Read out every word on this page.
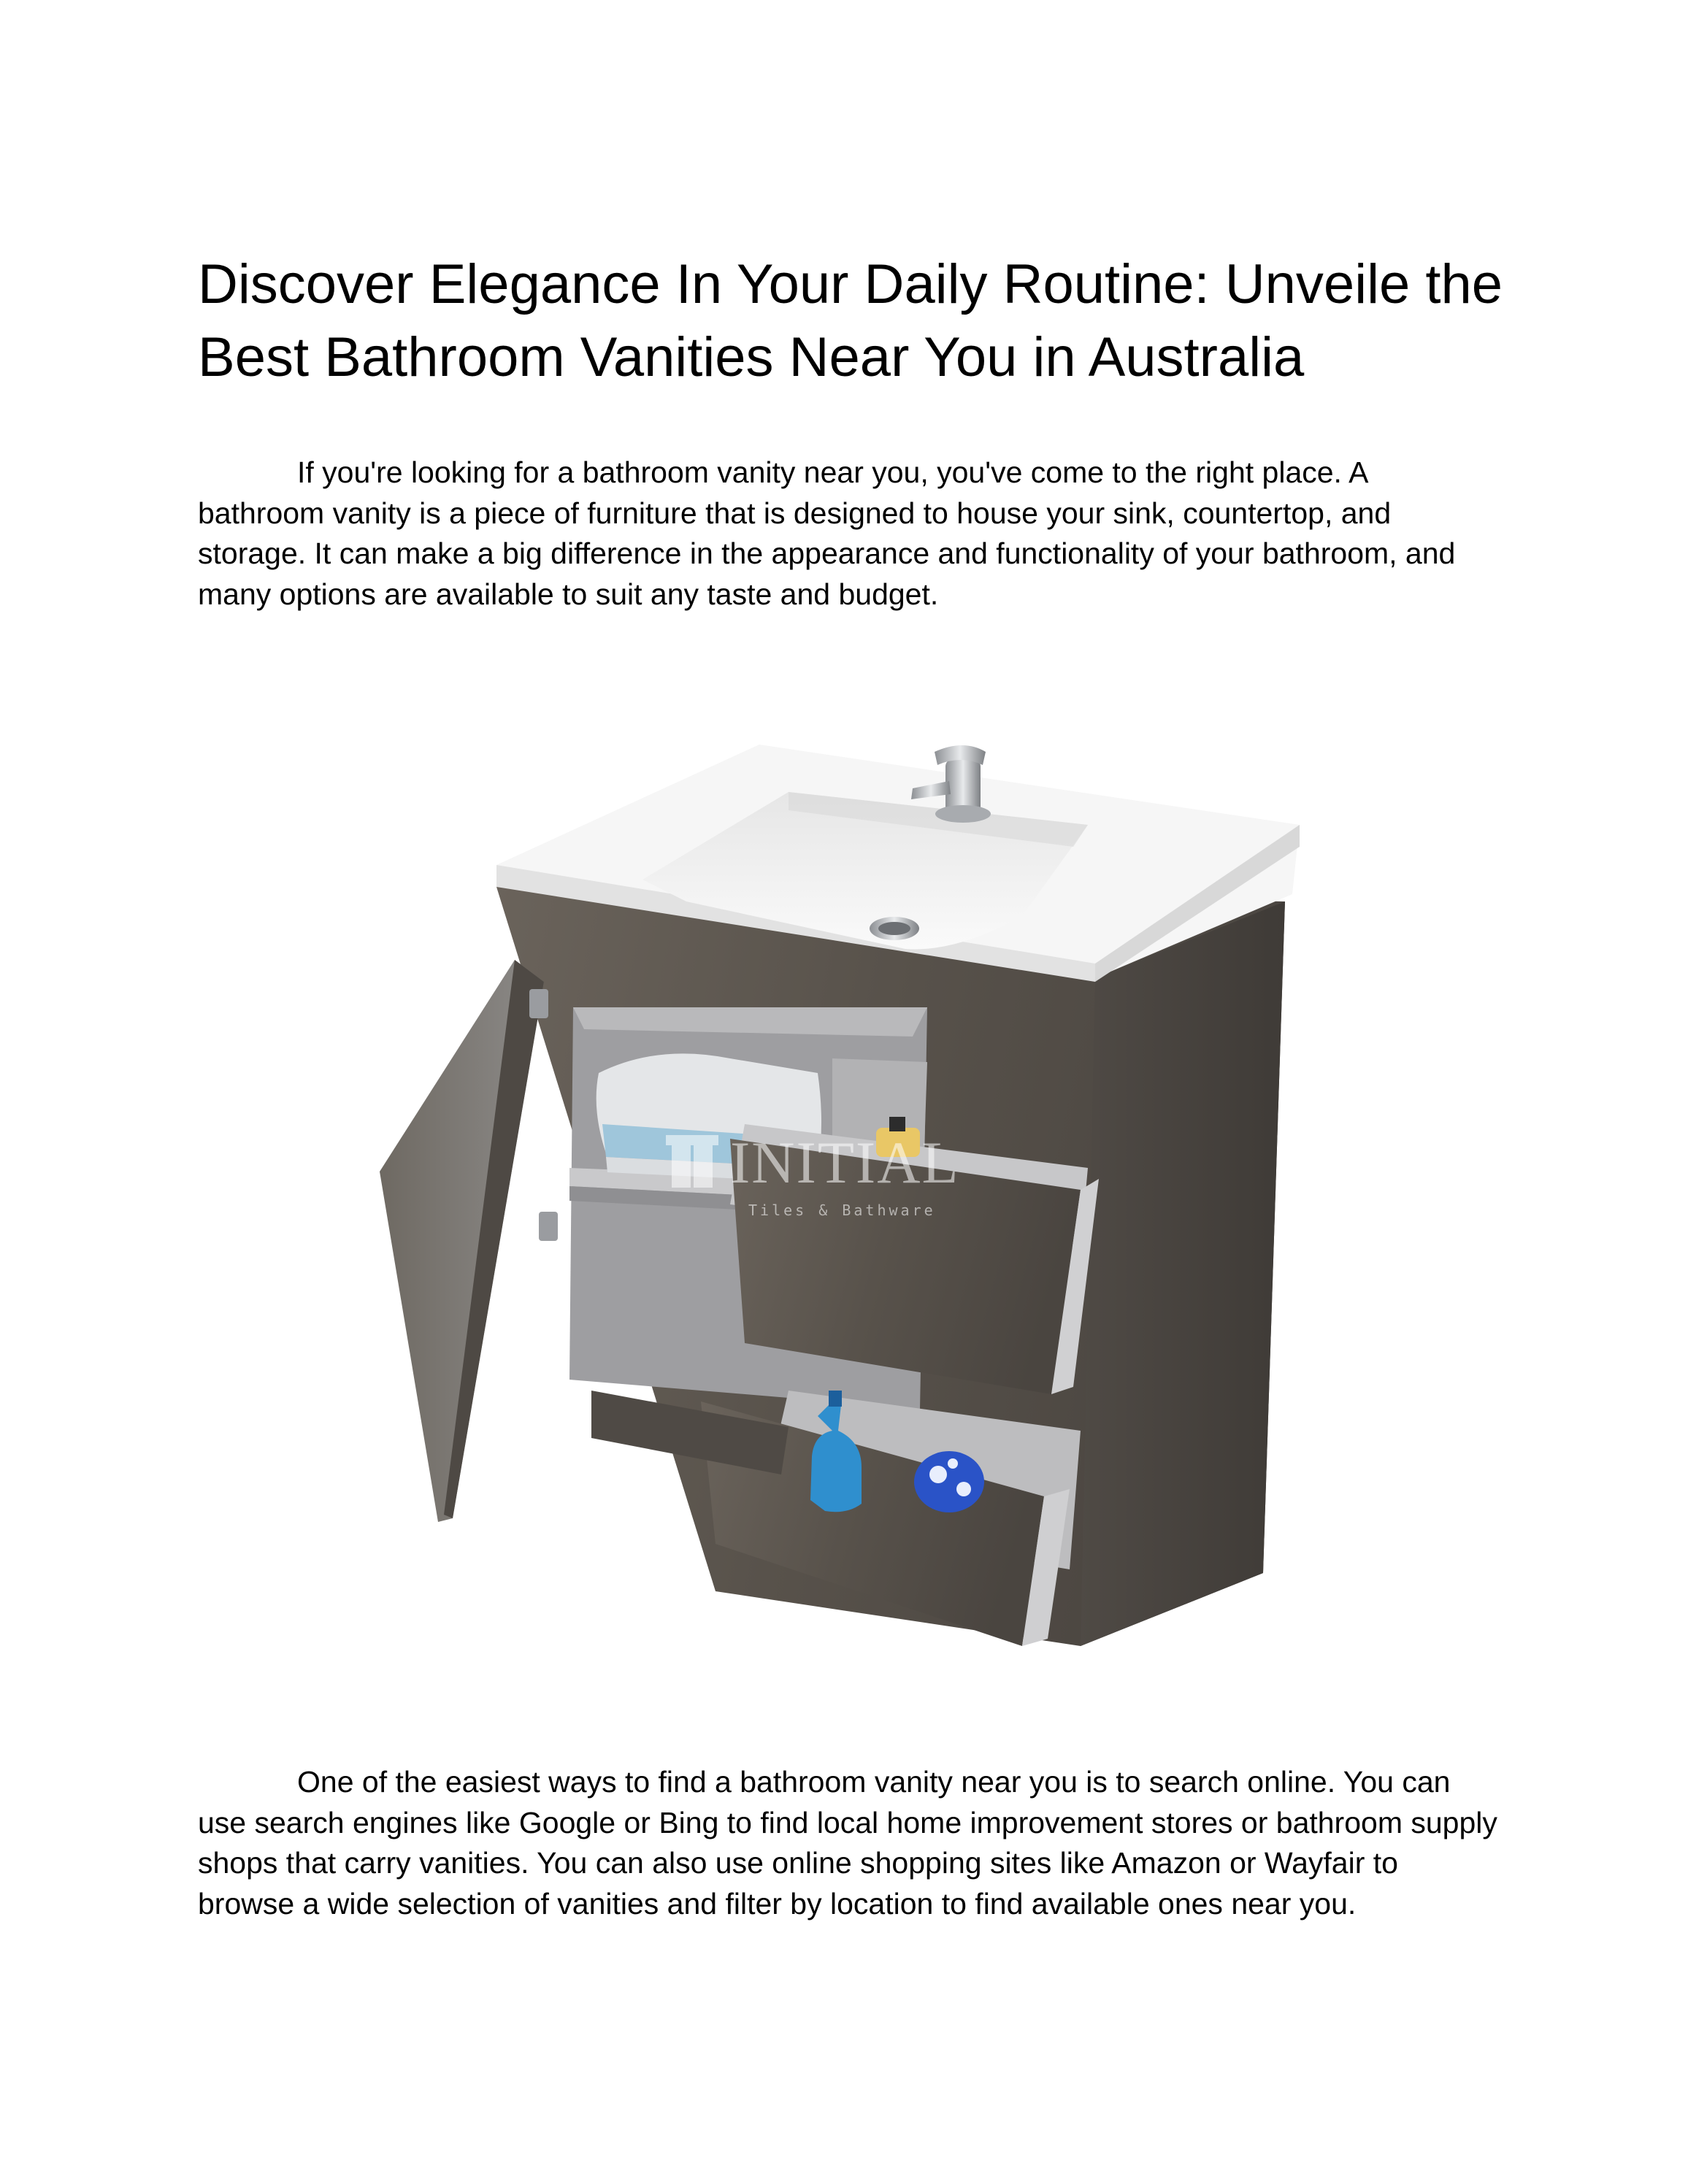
Discover Elegance In Your Daily Routine: Unveile the Best Bathroom Vanities Near You in Australia

If you're looking for a bathroom vanity near you, you've come to the right place. A bathroom vanity is a piece of furniture that is designed to house your sink, countertop, and storage. It can make a big difference in the appearance and functionality of your bathroom, and many options are available to suit any taste and budget.

INITIAL
Tiles & Bathware

One of the easiest ways to find a bathroom vanity near you is to search online. You can use search engines like Google or Bing to find local home improvement stores or bathroom supply shops that carry vanities. You can also use online shopping sites like Amazon or Wayfair to browse a wide selection of vanities and filter by location to find available ones near you.
